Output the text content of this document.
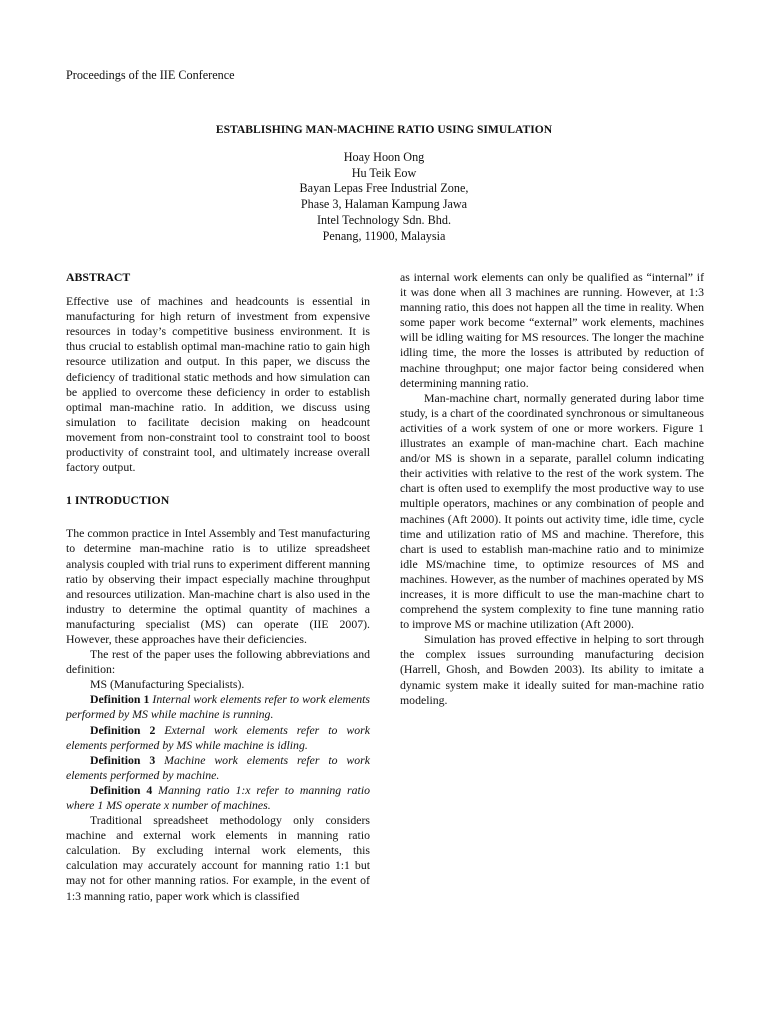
Proceedings of the IIE Conference
ESTABLISHING MAN-MACHINE RATIO USING SIMULATION
Hoay Hoon Ong
Hu Teik Eow
Bayan Lepas Free Industrial Zone,
Phase 3, Halaman Kampung Jawa
Intel Technology Sdn. Bhd.
Penang, 11900, Malaysia
ABSTRACT

Effective use of machines and headcounts is essential in manufacturing for high return of investment from expensive resources in today’s competitive business environment. It is thus crucial to establish optimal man-machine ratio to gain high resource utilization and output. In this paper, we discuss the deficiency of traditional static methods and how simulation can be applied to overcome these deficiency in order to establish optimal man-machine ratio. In addition, we discuss using simulation to facilitate decision making on headcount movement from non-constraint tool to constraint tool to boost productivity of constraint tool, and ultimately increase overall factory output.

1 INTRODUCTION

The common practice in Intel Assembly and Test manufacturing to determine man-machine ratio is to utilize spreadsheet analysis coupled with trial runs to experiment different manning ratio by observing their impact especially machine throughput and resources utilization. Man-machine chart is also used in the industry to determine the optimal quantity of machines a manufacturing specialist (MS) can operate (IIE 2007). However, these approaches have their deficiencies.

The rest of the paper uses the following abbreviations and definition:

MS (Manufacturing Specialists).

Definition 1 Internal work elements refer to work elements performed by MS while machine is running.

Definition 2 External work elements refer to work elements performed by MS while machine is idling.

Definition 3 Machine work elements refer to work elements performed by machine.

Definition 4 Manning ratio 1:x refer to manning ratio where 1 MS operate x number of machines.

Traditional spreadsheet methodology only considers machine and external work elements in manning ratio calculation. By excluding internal work elements, this calculation may accurately account for manning ratio 1:1 but may not for other manning ratios. For example, in the event of 1:3 manning ratio, paper work which is classified

as internal work elements can only be qualified as “internal” if it was done when all 3 machines are running. However, at 1:3 manning ratio, this does not happen all the time in reality. When some paper work become “external” work elements, machines will be idling waiting for MS resources. The longer the machine idling time, the more the losses is attributed by reduction of machine throughput; one major factor being considered when determining manning ratio.

Man-machine chart, normally generated during labor time study, is a chart of the coordinated synchronous or simultaneous activities of a work system of one or more workers. Figure 1 illustrates an example of man-machine chart. Each machine and/or MS is shown in a separate, parallel column indicating their activities with relative to the rest of the work system. The chart is often used to exemplify the most productive way to use multiple operators, machines or any combination of people and machines (Aft 2000). It points out activity time, idle time, cycle time and utilization ratio of MS and machine. Therefore, this chart is used to establish man-machine ratio and to minimize idle MS/machine time, to optimize resources of MS and machines. However, as the number of machines operated by MS increases, it is more difficult to use the man-machine chart to comprehend the system complexity to fine tune manning ratio to improve MS or machine utilization (Aft 2000).

Simulation has proved effective in helping to sort through the complex issues surrounding manufacturing decision (Harrell, Ghosh, and Bowden 2003). Its ability to imitate a dynamic system make it ideally suited for man-machine ratio modeling.
